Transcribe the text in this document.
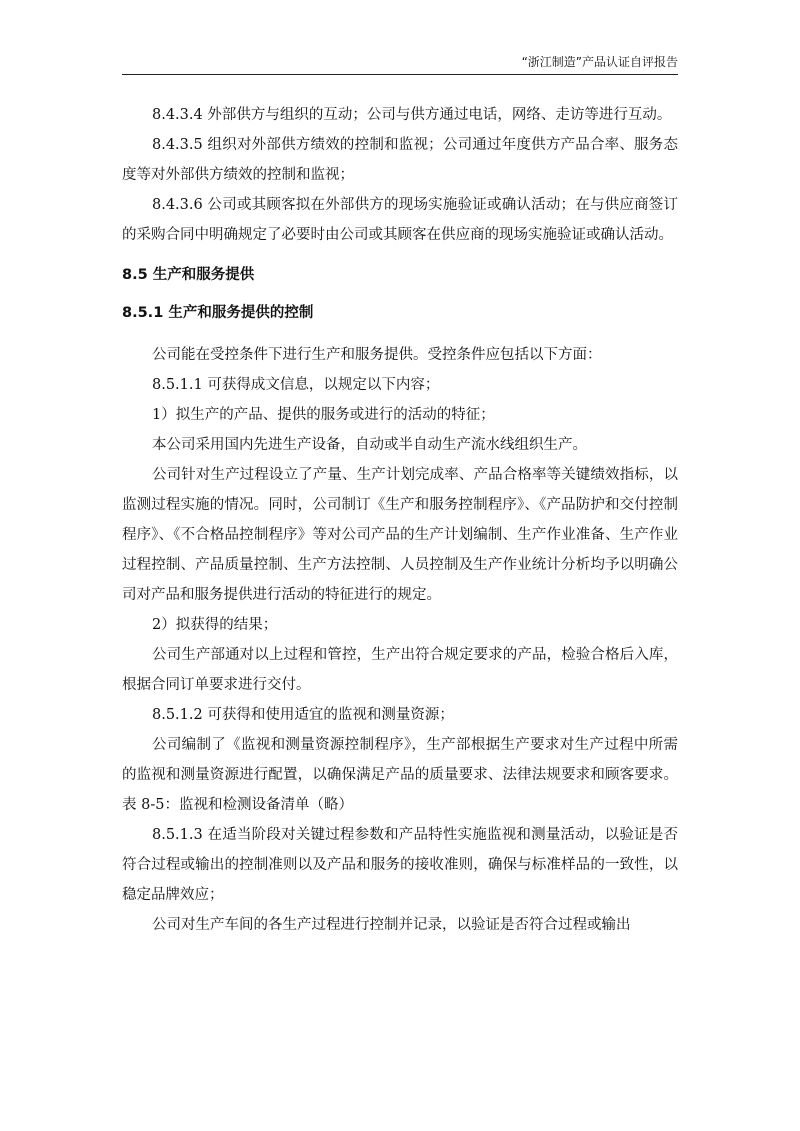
“浙江制造”产品认证自评报告

8.4.3.4 外部供方与组织的互动；公司与供方通过电话，网络、走访等进行互动。

8.4.3.5 组织对外部供方绩效的控制和监视；公司通过年度供方产品合率、服务态度等对外部供方绩效的控制和监视；

8.4.3.6 公司或其顾客拟在外部供方的现场实施验证或确认活动；在与供应商签订的采购合同中明确规定了必要时由公司或其顾客在供应商的现场实施验证或确认活动。

8.5 生产和服务提供
8.5.1 生产和服务提供的控制

公司能在受控条件下进行生产和服务提供。受控条件应包括以下方面：

8.5.1.1 可获得成文信息，以规定以下内容；

1）拟生产的产品、提供的服务或进行的活动的特征；

本公司采用国内先进生产设备，自动或半自动生产流水线组织生产。

公司针对生产过程设立了产量、生产计划完成率、产品合格率等关键绩效指标，以监测过程实施的情况。同时，公司制订《生产和服务控制程序》、《产品防护和交付控制程序》、《不合格品控制程序》等对公司产品的生产计划编制、生产作业准备、生产作业过程控制、产品质量控制、生产方法控制、人员控制及生产作业统计分析均予以明确公司对产品和服务提供进行活动的特征进行的规定。

2）拟获得的结果；

公司生产部通对以上过程和管控，生产出符合规定要求的产品，检验合格后入库，根据合同订单要求进行交付。

8.5.1.2 可获得和使用适宜的监视和测量资源；

公司编制了《监视和测量资源控制程序》，生产部根据生产要求对生产过程中所需的监视和测量资源进行配置，以确保满足产品的质量要求、法律法规要求和顾客要求。表 8-5：监视和检测设备清单（略）

8.5.1.3 在适当阶段对关键过程参数和产品特性实施监视和测量活动，以验证是否符合过程或输出的控制准则以及产品和服务的接收准则，确保与标准样品的一致性，以稳定品牌效应；

公司对生产车间的各生产过程进行控制并记录，以验证是否符合过程或输出
